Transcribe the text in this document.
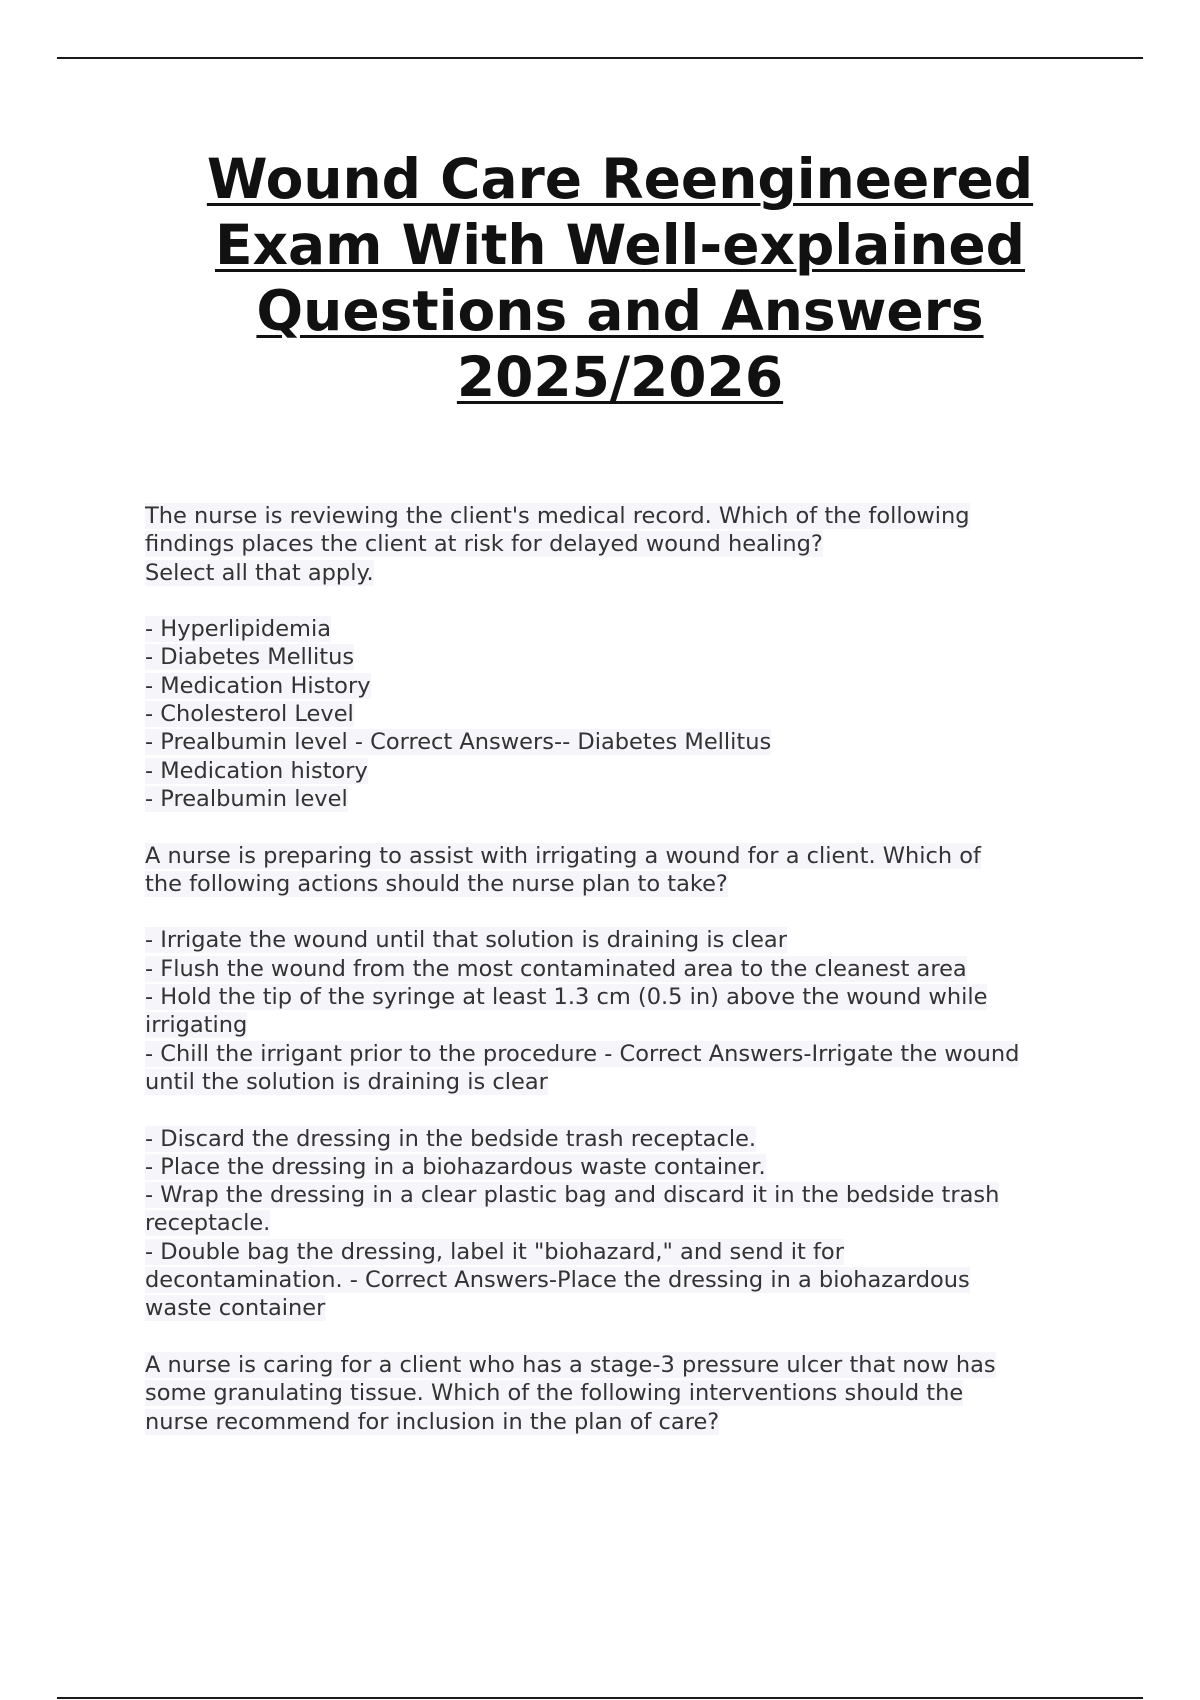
Wound Care Reengineered
Exam With Well-explained
Questions and Answers
2025/2026
The nurse is reviewing the client's medical record. Which of the following
findings places the client at risk for delayed wound healing?
Select all that apply.
- Hyperlipidemia
- Diabetes Mellitus
- Medication History
- Cholesterol Level
- Prealbumin level - Correct Answers-- Diabetes Mellitus
- Medication history
- Prealbumin level
A nurse is preparing to assist with irrigating a wound for a client. Which of
the following actions should the nurse plan to take?
- Irrigate the wound until that solution is draining is clear
- Flush the wound from the most contaminated area to the cleanest area
- Hold the tip of the syringe at least 1.3 cm (0.5 in) above the wound while
irrigating
- Chill the irrigant prior to the procedure - Correct Answers-Irrigate the wound
until the solution is draining is clear
- Discard the dressing in the bedside trash receptacle.
- Place the dressing in a biohazardous waste container.
- Wrap the dressing in a clear plastic bag and discard it in the bedside trash
receptacle.
- Double bag the dressing, label it "biohazard," and send it for
decontamination. - Correct Answers-Place the dressing in a biohazardous
waste container
A nurse is caring for a client who has a stage-3 pressure ulcer that now has
some granulating tissue. Which of the following interventions should the
nurse recommend for inclusion in the plan of care?
